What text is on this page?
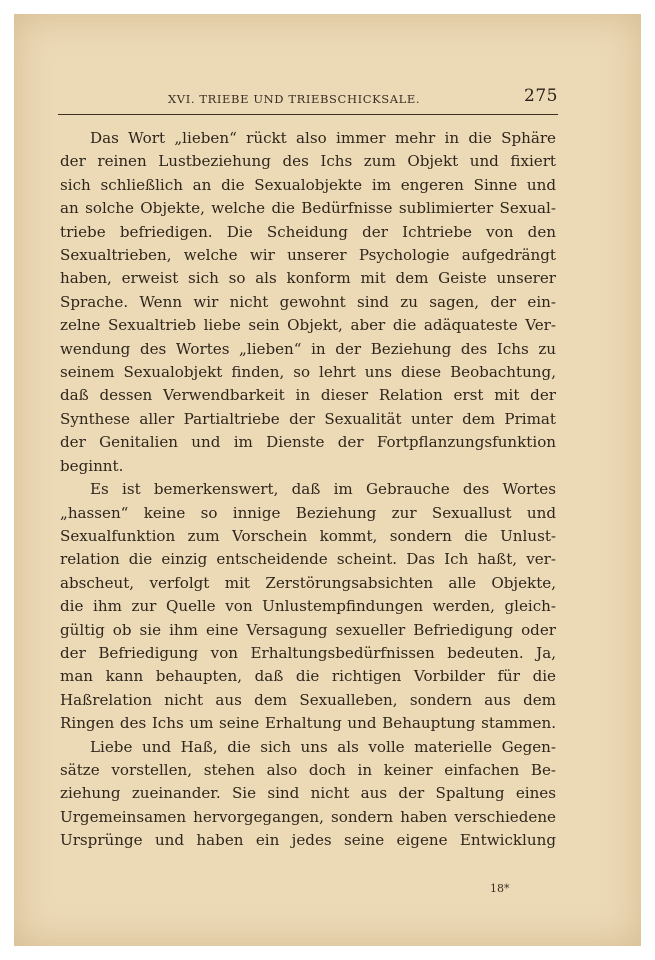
XVI. TRIEBE UND TRIEBSCHICKSALE.	275

Das Wort „lieben“ rückt also immer mehr in die Sphäre
der reinen Lustbeziehung des Ichs zum Objekt und fixiert
sich schließlich an die Sexualobjekte im engeren Sinne und
an solche Objekte, welche die Bedürfnisse sublimierter Sexual-
triebe befriedigen. Die Scheidung der Ichtriebe von den
Sexualtrieben, welche wir unserer Psychologie aufgedrängt
haben, erweist sich so als konform mit dem Geiste unserer
Sprache. Wenn wir nicht gewohnt sind zu sagen, der ein-
zelne Sexualtrieb liebe sein Objekt, aber die adäquateste Ver-
wendung des Wortes „lieben“ in der Beziehung des Ichs zu
seinem Sexualobjekt finden, so lehrt uns diese Beobachtung,
daß dessen Verwendbarkeit in dieser Relation erst mit der
Synthese aller Partialtriebe der Sexualität unter dem Primat
der Genitalien und im Dienste der Fortpflanzungsfunktion
beginnt.

Es ist bemerkenswert, daß im Gebrauche des Wortes
„hassen“ keine so innige Beziehung zur Sexuallust und
Sexualfunktion zum Vorschein kommt, sondern die Unlust-
relation die einzig entscheidende scheint. Das Ich haßt, ver-
abscheut, verfolgt mit Zerstörungsabsichten alle Objekte,
die ihm zur Quelle von Unlustempfindungen werden, gleich-
gültig ob sie ihm eine Versagung sexueller Befriedigung oder
der Befriedigung von Erhaltungsbedürfnissen bedeuten. Ja,
man kann behaupten, daß die richtigen Vorbilder für die
Haßrelation nicht aus dem Sexualleben, sondern aus dem
Ringen des Ichs um seine Erhaltung und Behauptung stammen.

Liebe und Haß, die sich uns als volle materielle Gegen-
sätze vorstellen, stehen also doch in keiner einfachen Be-
ziehung zueinander. Sie sind nicht aus der Spaltung eines
Urgemeinsamen hervorgegangen, sondern haben verschiedene
Ursprünge und haben ein jedes seine eigene Entwicklung

18*
